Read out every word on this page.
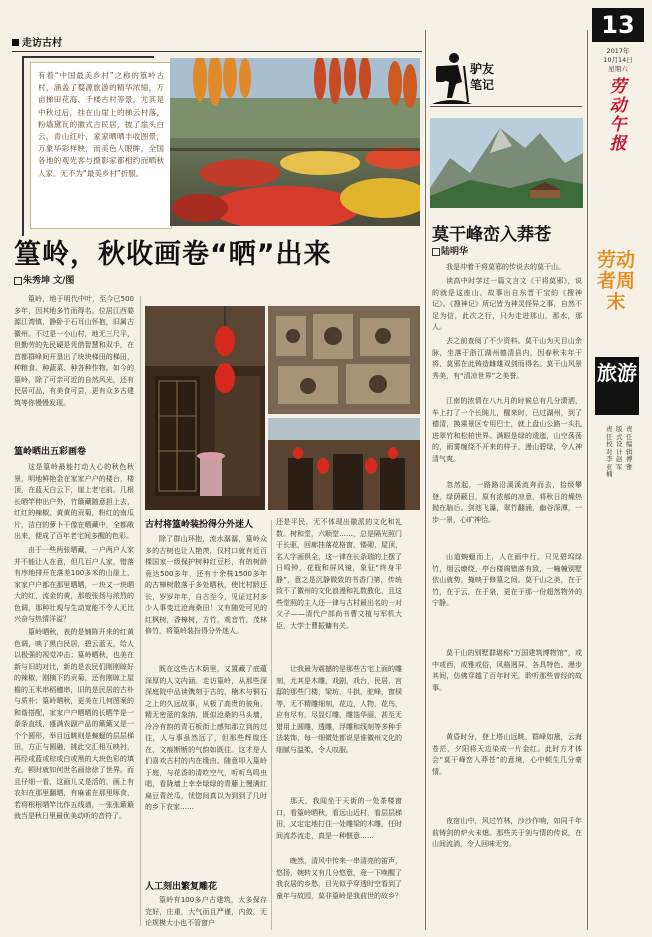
走访古村
有着“中国最美乡村”之称的篁岭古村，涵盖了婺源旅游的精华浓缩，万亩梯田花海、千楼古村等景，尤其是中秋过后，挂在山崖上的梯云村落，粉墙黛瓦的徽式古民居，披了崖头白云，青山红叶，家家晒晒丰收图景，万象华彩样映，而美色人眼眸，全国各地的观光客与摄影家都相约而晒秋人家。无不为“最美乡村”折服。
篁岭，秋收画卷“晒”出来
朱秀坤 文/图
篁岭，地于明代中叶，至今已500多年，因其地多竹而得名。位居江西婺源江湾镇，静卧于石耳山怀抱，旧属古徽州。不过是一小山村，地无三尺平，但勤劳的先民硬是凭借智慧和双手，在首都群峰间开垦出了块块梯田的梯田，种粮食、种蔬菜、种各种作物。如今的篁岭，除了可亲可近的自然风光，还有民居可品，有美食可尝，更有众多古建筑等你慢慢发现。
篁岭晒出五彩画卷
这是篁岭最能打动人心的秋色秋景，明地鲜艳金在家家户户的楼台，楼顶，在蓝天白云下，崖上老宅前。几根长晒竿伸出户外，竹簸藏随意担上去，红红的辣椒、黄黄的贡菊，粉红的南瓜片，洁白的萝卜干像在晒藏中，全都敞出来，便成了百年老宅间多醒的色彩。
由于一些两张晒藏，一户两户人家并不能让人在意，但几百户人家，错落有序地排开在落差100多米的山崖上，家家户户都在那里晒晒，一块又一块晒大的红，流金的黄，那般张扬与浓烈的色调，那种壮观与生动宽能不令人无比兴奋与热情洋溢？
篁岭晒秋，表的是铺陈开来的红黄色调，映了黑白民居，碧云蓝天，给人以极强的视觉冲击；篁岭晒秋，也美在新与旧的对比，新的是农民们刚刚晾好的辣椒，刚摘下的贡菊，还有刚晾上屋檐的玉米串稻穗串，旧的是民居的古朴与质朴；篁岭晒秋，更美在几何图案的和谐搭配，家家户户晒晒的长晒竿是一条条直线，盛满农副产品的簸簸又是一个个圆形，举目远眺则是蜿蜒的层层梯田，方正与圆融，挑此交汇相互映衬，再经或蓝或棕或白或黑的大块色彩的填充，顿时就如何世名画徐徐了世界。而且仔细一看，这画儿又是活的，画上有农妇在那里翻晒，有麻雀在那里啄食，若将根根晒竿比作五线谱，一张张簸簸就当是秋日里最优美动听的音符了。
古村将篁岭装扮得分外迷人
除了群山环抱，流水潺潺，篁岭众多的古树也让人艳羡，仅村口就有近百棵国家一级保护树种红豆杉，有的树龄竟达500多年，还有十余株1500多年的古樟树散落于多处晒秋，使比村龄还长，岁岁年年，自古至今，见证过村多少人事变迁沧海桑田！又有随处可见的红枫树，香樟树，方竹，观音竹，茂林修竹，将篁岭装扮得分外迷人。
既在这些古木荫里，又置藏了底蕴深厚的人文内涵。走访篁岭，从那些深深庭院中品读镌刻于古的，楠木与铜石之上的久远故事，从极了高贵的彼角，精无密蓝的象纳，既似沧桑的马头墙，冷冷有韵的青石板街上感知那立到的过往，人与事虽然远了，但那些辉煌还在，文痕断断的气韵如既往。这才是人们喜欢古村的内在缘由。随意叩入篁岭于庭，与花香的清吃空气，听听鸟鸣虫唱，看陇墙上幸幸绿绿的青藤上慢满红扁豆青丝瓜，忧惚间真以为到到了几时的乡下农家……
人工刻出繁复雕花
篁岭有100多户古建筑，大多保存完好，庄重，大气而且严谨，内敛，无论规模大小也不管窗户
还是平民，无不体现出徽派的文化和礼数。树和堂，六顺堂……，总是隔光照门于长驱，回廊挂落花格窗，镂砌，屋顶，名人字画俱全，这一律在长条瑞的上摆了日鸣钟，花瓶和屏风镜，象征“终身平静”，意之是沉静微致的书香门第，传统致不了徽州的文化浪漫和礼数教化，且这些堂照的主人还一律与古村最出名的一对父子——清代户部尚书曹文植与军机大臣，大学士曹振镛有关。
让我最为震撼的是那些古宅上面的雕刻，尤其是木雕，戏剧，戏台，民居，宫邸的那些门楼，梁坊，斗拱，驼峰，窗棂等，无不精雕细刻，花边，人物，花鸟，应有尽有，尽显灯雕，雕箔华丽，甚至无猎用上圆雕，透雕，浮雕和线刻等多种手法装饰，每一细微处都说是谁徽州文化的细腻与温柔，令人叹服。
那天，我闻坐于天街的一处茶楼窗口，看篁岭晒秋，看远山近村，看层层梯田，又定定地打住一处雕梁的木雕，任时间流苏流走，真是一种惬意……
晚然，清风中传来一串清亮的笛声，悠扬，婉转又有几分悠意，竟一下唤醒了我农居的乡愁，目光似乎穿透时空看到了童年与故园，莫非篁岭是我前世的故乡？
驴友
笔记
莫干峰峦入莽苍
陆明华
我是冲着干将莫邪的传说去的莫干山。
读高中时学过一篇文言文《干将莫邪》，说的就是这座山。故事出自东晋干宝的《搜神记》。《搜神记》所记皆为神灵怪异之事，自然不足为信，此次之行，只为走进那山，那水，那人。
去之前查阅了不少资料。莫干山为天目山余脉，坐落于浙江湖州德清县内，因春秋末年干将、莫邪在此铸造雌雄双剑而得名。莫干山风景秀美，有“清凉世界”之美誉。
江南的浓情在八九月的时候总有几分潇洒，车上打了一个长盹儿，醒来时，已过湖州，到了德清，换乘景区专用巴士，就上盘山公路一头扎进翠竹和松柏世界。满眼是绿的逶迤，山空荡荡的，雨雾缠绕不开来的样子，漫山碧绿，令人神清气爽。
忽然起，一路路沿溪溪流奔而去，拾级攀登，绿荫蔽日，原有浓郁的凉意，将秋日的燥热抛在脑后。剑池飞瀑，翠竹翻涌，幽谷深潭，一步一景，心旷神怡。
山道蜿蜒而上，人在画中行。只见碧坞绿竹，烟云缭绕，亭台楼阁错落有致，一幢幢别墅依山就势，掩映于修篁之间。莫干山之美，在于竹，在于云，在于泉，更在于那一份超然物外的宁静。
莫干山的别墅群堪称“万国建筑博物馆”，或中或西，或雅或俗，风格迥异，各具特色。漫步其间，仿佛穿越了百年时光，聆听那些曾经的故事。
黄昏时分，登上塔山远眺，群峰如黛，云海苍茫，夕阳将天边染成一片金红。此时方才体会“莫干峰峦入莽苍”的意境，心中顿生几分豪情。
夜宿山中，风过竹林，沙沙作响，如同千年前铸剑的炉火未熄。那些关于剑与情的传说，在山间流淌，令人回味无穷。
13
2017年
10月14日
星期六
劳动午报
劳动者周末
旅游
责任编辑 傅雅
版式设计 赵军
责任校对 李亚楠
